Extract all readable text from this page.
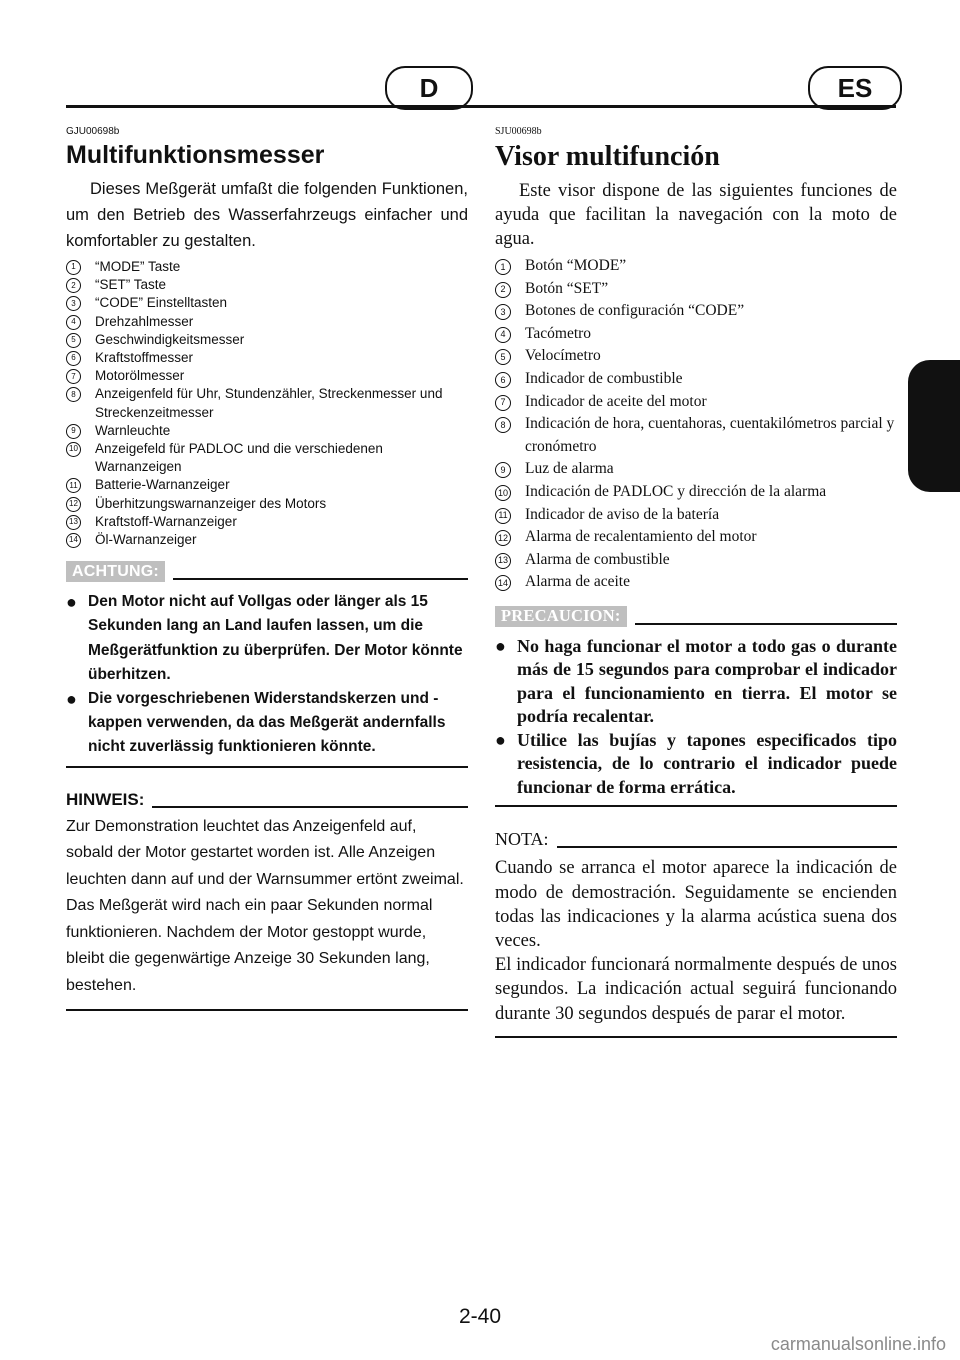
D	ES
GJU00698b
Multifunktionsmesser

Dieses Meßgerät umfaßt die folgenden Funktionen, um den Betrieb des Wasserfahrzeugs einfacher und komfortabler zu gestalten.

1	“MODE” Taste
2	“SET” Taste
3	“CODE” Einstelltasten
4	Drehzahlmesser
5	Geschwindigkeitsmesser
6	Kraftstoffmesser
7	Motorölmesser
8	Anzeigenfeld für Uhr, Stundenzähler, Streckenmesser und Streckenzeitmesser
9	Warnleuchte
10 Anzeigefeld für PADLOC und die verschiedenen Warnanzeigen
11 Batterie-Warnanzeiger
12 Überhitzungswarnanzeiger des Motors
13 Kraftstoff-Warnanzeiger
14 Öl-Warnanzeiger
ACHTUNG:
● Den Motor nicht auf Vollgas oder länger als 15 Sekunden lang an Land laufen lassen, um die Meßgerätfunktion zu überprüfen. Der Motor könnte überhitzen.
● Die vorgeschriebenen Widerstandskerzen und -kappen verwenden, da das Meßgerät andernfalls nicht zuverlässig funktionieren könnte.
HINWEIS:

Zur Demonstration leuchtet das Anzeigenfeld auf, sobald der Motor gestartet worden ist. Alle Anzeigen leuchten dann auf und der Warnsummer ertönt zweimal.

Das Meßgerät wird nach ein paar Sekunden normal funktionieren. Nachdem der Motor gestoppt wurde, bleibt die gegenwärtige Anzeige 30 Sekunden lang, bestehen.

SJU00698b
Visor multifunción

Este visor dispone de las siguientes funciones de ayuda que facilitan la navegación con la moto de agua.

1	Botón “MODE”
2	Botón “SET”
3	Botones de configuración “CODE”
4	Tacómetro
5	Velocímetro
6	Indicador de combustible
7	Indicador de aceite del motor
8	Indicación de hora, cuentahoras, cuentakilómetros parcial y cronómetro
9	Luz de alarma
10 Indicación de PADLOC y dirección de la alarma
11 Indicador de aviso de la batería
12 Alarma de recalentamiento del motor
13 Alarma de combustible
14 Alarma de aceite
PRECAUCION:
● No haga funcionar el motor a todo gas o durante más de 15 segundos para comprobar el indicador para el funcionamiento en tierra. El motor se podría recalentar.
● Utilice las bujías y tapones especificados tipo resistencia, de lo contrario el indicador puede funcionar de forma errática.
NOTA:

Cuando se arranca el motor aparece la indicación de modo de demostración. Seguidamente se encienden todas las indicaciones y la alarma acústica suena dos veces.

El indicador funcionará normalmente después de unos segundos. La indicación actual seguirá funcionando durante 30 segundos después de parar el motor.

2-40
carmanualsonline.info
